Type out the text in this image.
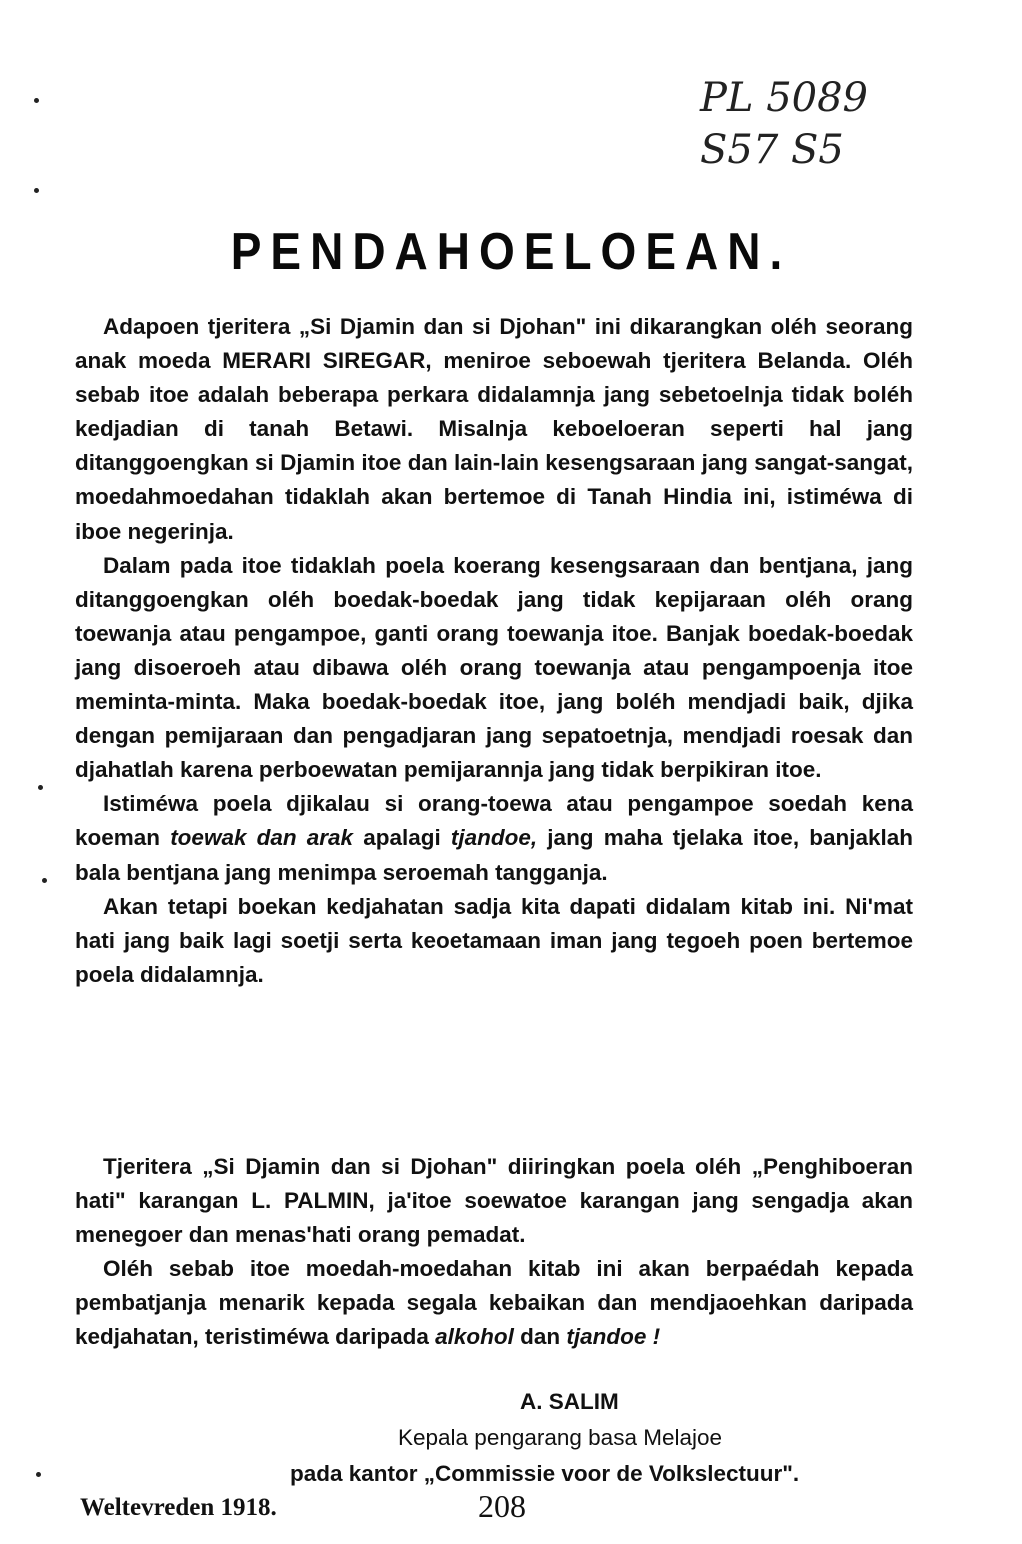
PL 5089
S57 S5
PENDAHOELOEAN.

Adapoen tjeritera „Si Djamin dan si Djohan" ini dikarangkan oléh seorang anak moeda MERARI SIREGAR, meniroe seboewah tjeritera Belanda. Oléh sebab itoe adalah beberapa perkara didalamnja jang sebetoelnja tidak boléh kedjadian di tanah Betawi. Misalnja keboeloeran seperti hal jang ditanggoengkan si Djamin itoe dan lain-lain kesengsaraan jang sangat-sangat, moedahmoedahan tidaklah akan bertemoe di Tanah Hindia ini, istiméwa di iboe negerinja.

Dalam pada itoe tidaklah poela koerang kesengsaraan dan bentjana, jang ditanggoengkan oléh boedak-boedak jang tidak kepijaraan oléh orang toewanja atau pengampoe, ganti orang toewanja itoe. Banjak boedak-boedak jang disoeroeh atau dibawa oléh orang toewanja atau pengampoenja itoe meminta-minta. Maka boedak-boedak itoe, jang boléh mendjadi baik, djika dengan pemijaraan dan pengadjaran jang sepatoetnja, mendjadi roesak dan djahatlah karena perboewatan pemijarannja jang tidak berpikiran itoe.

Istiméwa poela djikalau si orang-toewa atau pengampoe soedah kena koeman toewak dan arak apalagi tjandoe, jang maha tjelaka itoe, banjaklah bala bentjana jang menimpa seroemah tangganja.

Akan tetapi boekan kedjahatan sadja kita dapati didalam kitab ini. Ni'mat hati jang baik lagi soetji serta keoetamaan iman jang tegoeh poen bertemoe poela didalamnja.

Tjeritera „Si Djamin dan si Djohan" diiringkan poela oléh „Penghiboeran hati" karangan L. PALMIN, ja'itoe soewatoe karangan jang sengadja akan menegoer dan menas'hati orang pemadat.

Oléh sebab itoe moedah-moedahan kitab ini akan berpaédah kepada pembatjanja menarik kepada segala kebaikan dan mendjaoehkan daripada kedjahatan, teristiméwa daripada alkohol dan tjandoe !

A. SALIM
Kepala pengarang basa Melajoe
pada kantor „Commissie voor de Volkslectuur".
Weltevreden 1918.	208
